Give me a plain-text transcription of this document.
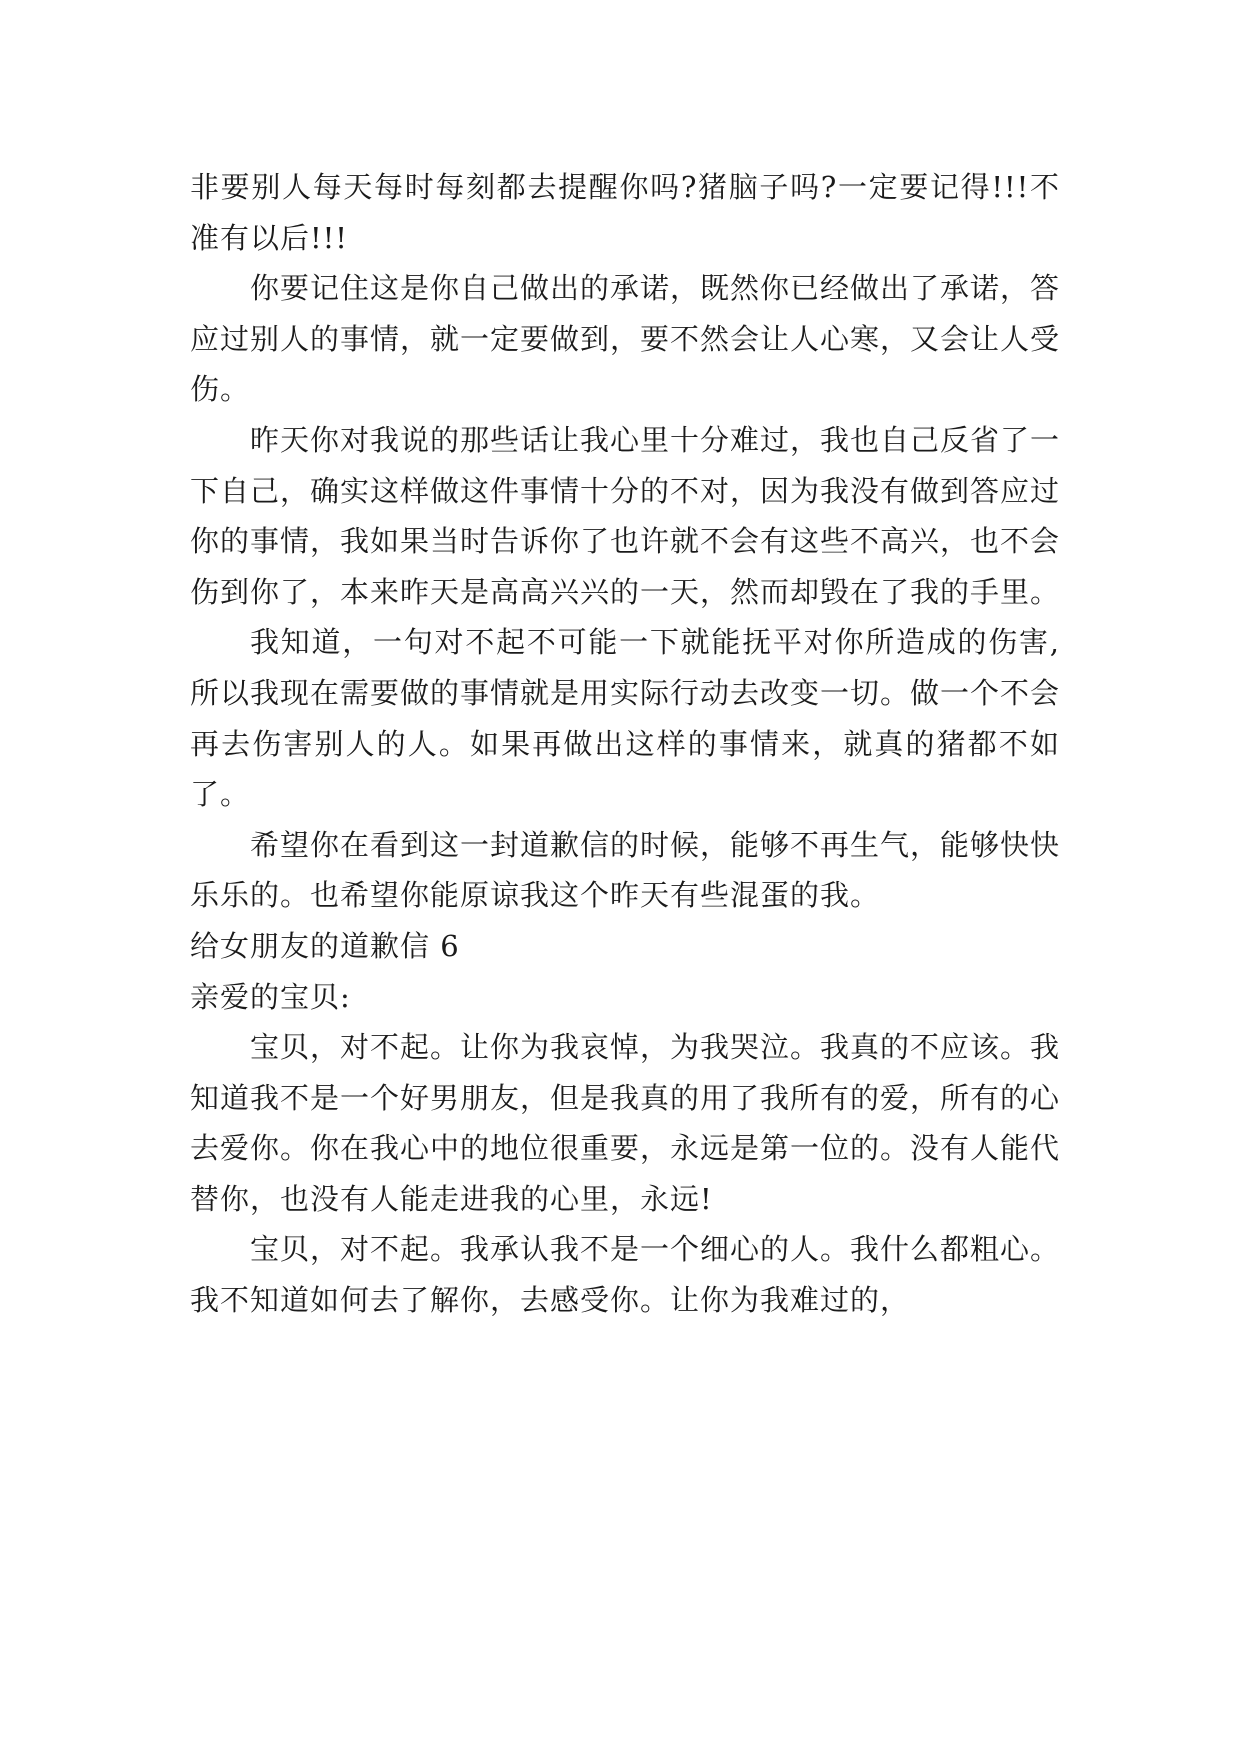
非要别人每天每时每刻都去提醒你吗?猪脑子吗?一定要记得!!!不准有以后!!!

你要记住这是你自己做出的承诺，既然你已经做出了承诺，答应过别人的事情，就一定要做到，要不然会让人心寒，又会让人受伤。

昨天你对我说的那些话让我心里十分难过，我也自己反省了一下自己，确实这样做这件事情十分的不对，因为我没有做到答应过你的事情，我如果当时告诉你了也许就不会有这些不高兴，也不会伤到你了，本来昨天是高高兴兴的一天，然而却毁在了我的手里。

我知道，一句对不起不可能一下就能抚平对你所造成的伤害,所以我现在需要做的事情就是用实际行动去改变一切。做一个不会再去伤害别人的人。如果再做出这样的事情来，就真的猪都不如了。

希望你在看到这一封道歉信的时候，能够不再生气，能够快快乐乐的。也希望你能原谅我这个昨天有些混蛋的我。

给女朋友的道歉信 6

亲爱的宝贝:

宝贝，对不起。让你为我哀悼，为我哭泣。我真的不应该。我知道我不是一个好男朋友，但是我真的用了我所有的爱，所有的心去爱你。你在我心中的地位很重要，永远是第一位的。没有人能代替你，也没有人能走进我的心里，永远!

宝贝，对不起。我承认我不是一个细心的人。我什么都粗心。我不知道如何去了解你，去感受你。让你为我难过的，
